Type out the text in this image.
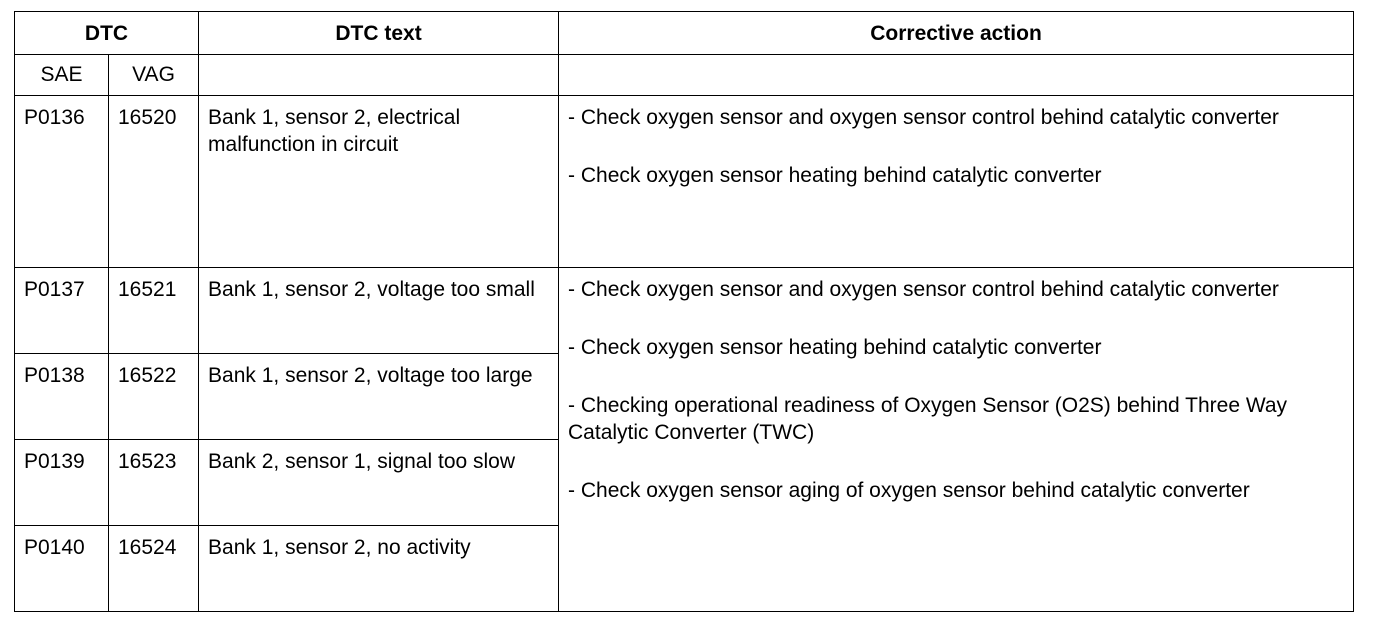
DTC		DTC text	Corrective action
SAE	VAG		
P0136	16520	Bank 1, sensor 2, electrical malfunction in circuit	- Check oxygen sensor and oxygen sensor control behind catalytic converter

- Check oxygen sensor heating behind catalytic converter

P0137	16521	Bank 1, sensor 2, voltage too small	- Check oxygen sensor and oxygen sensor control behind catalytic converter

- Check oxygen sensor heating behind catalytic converter

- Checking operational readiness of Oxygen Sensor (O2S) behind Three Way Catalytic Converter (TWC)

- Check oxygen sensor aging of oxygen sensor behind catalytic converter

P0138	16522	Bank 1, sensor 2, voltage too large	
P0139	16523	Bank 2, sensor 1, signal too slow	
P0140	16524	Bank 1, sensor 2, no activity	
